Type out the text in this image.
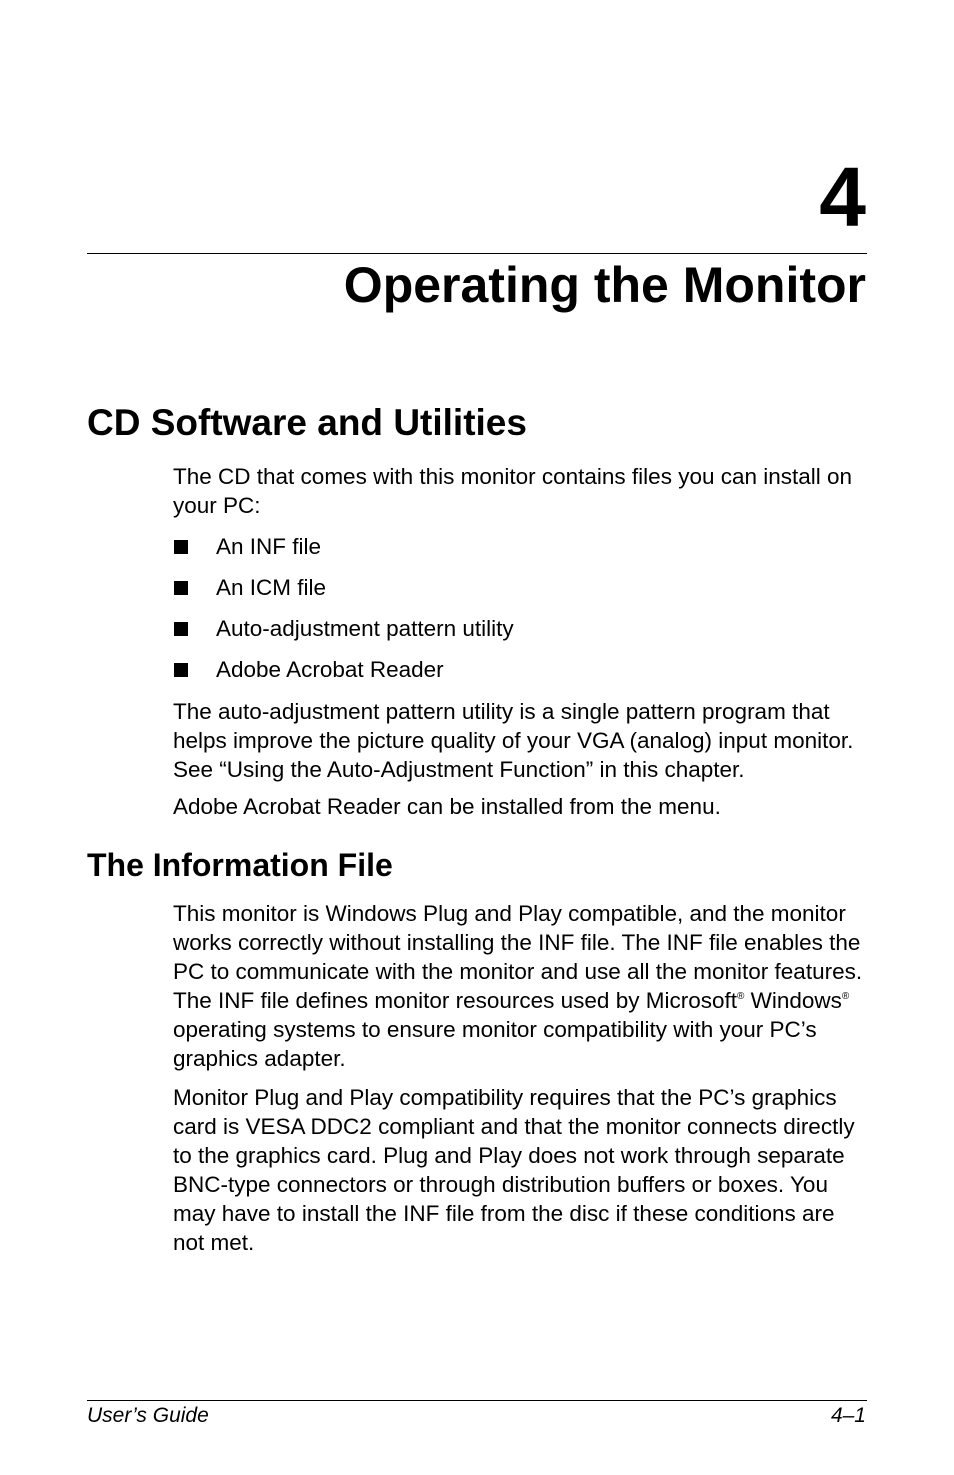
4
Operating the Monitor
CD Software and Utilities

The CD that comes with this monitor contains files you can install on your PC:

An INF file
An ICM file
Auto-adjustment pattern utility
Adobe Acrobat Reader

The auto-adjustment pattern utility is a single pattern program that helps improve the picture quality of your VGA (analog) input monitor. See “Using the Auto-Adjustment Function” in this chapter.

Adobe Acrobat Reader can be installed from the menu.

The Information File

This monitor is Windows Plug and Play compatible, and the monitor works correctly without installing the INF file. The INF file enables the PC to communicate with the monitor and use all the monitor features. The INF file defines monitor resources used by Microsoft® Windows® operating systems to ensure monitor compatibility with your PC’s graphics adapter.

Monitor Plug and Play compatibility requires that the PC’s graphics card is VESA DDC2 compliant and that the monitor connects directly to the graphics card. Plug and Play does not work through separate BNC-type connectors or through distribution buffers or boxes. You may have to install the INF file from the disc if these conditions are not met.

User’s Guide	4–1
